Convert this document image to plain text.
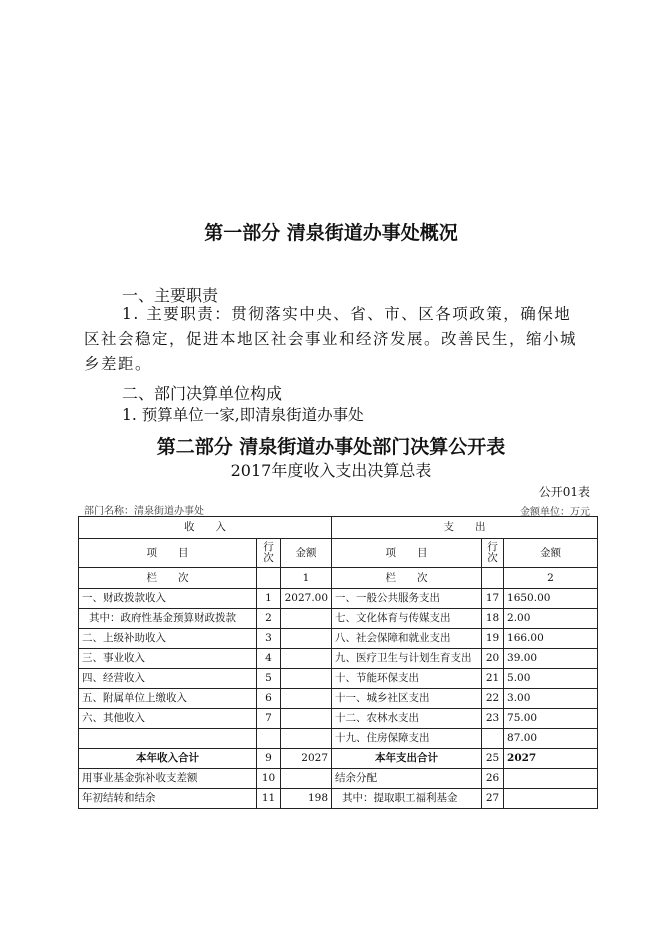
第一部分 清泉街道办事处概况
一、主要职责
1. 主要职责：贯彻落实中央、省、市、区各项政策，确保地区社会稳定，促进本地区社会事业和经济发展。改善民生，缩小城乡差距。
二、部门决算单位构成
1. 预算单位一家,即清泉街道办事处
第二部分 清泉街道办事处部门决算公开表
2017年度收入支出决算总表
公开01表
部门名称：清泉街道办事处	金额单位：万元
收　　入			支　　出		
项　　目	行次	金额	项　　目	行次	金额
栏　　次		1	栏　　次		2
一、财政拨款收入	1	2027.00	一、一般公共服务支出	17	1650.00
其中：政府性基金预算财政拨款	2		七、文化体育与传媒支出	18	2.00
二、上级补助收入	3		八、社会保障和就业支出	19	166.00
三、事业收入	4		九、医疗卫生与计划生育支出	20	39.00
四、经营收入	5		十、节能环保支出	21	5.00
五、附属单位上缴收入	6		十一、城乡社区支出	22	3.00
六、其他收入	7		十二、农林水支出	23	75.00
			十九、住房保障支出		87.00
本年收入合计	9	2027	本年支出合计	25	2027
用事业基金弥补收支差额	10		结余分配	26	
年初结转和结余	11	198	其中：提取职工福利基金	27	
